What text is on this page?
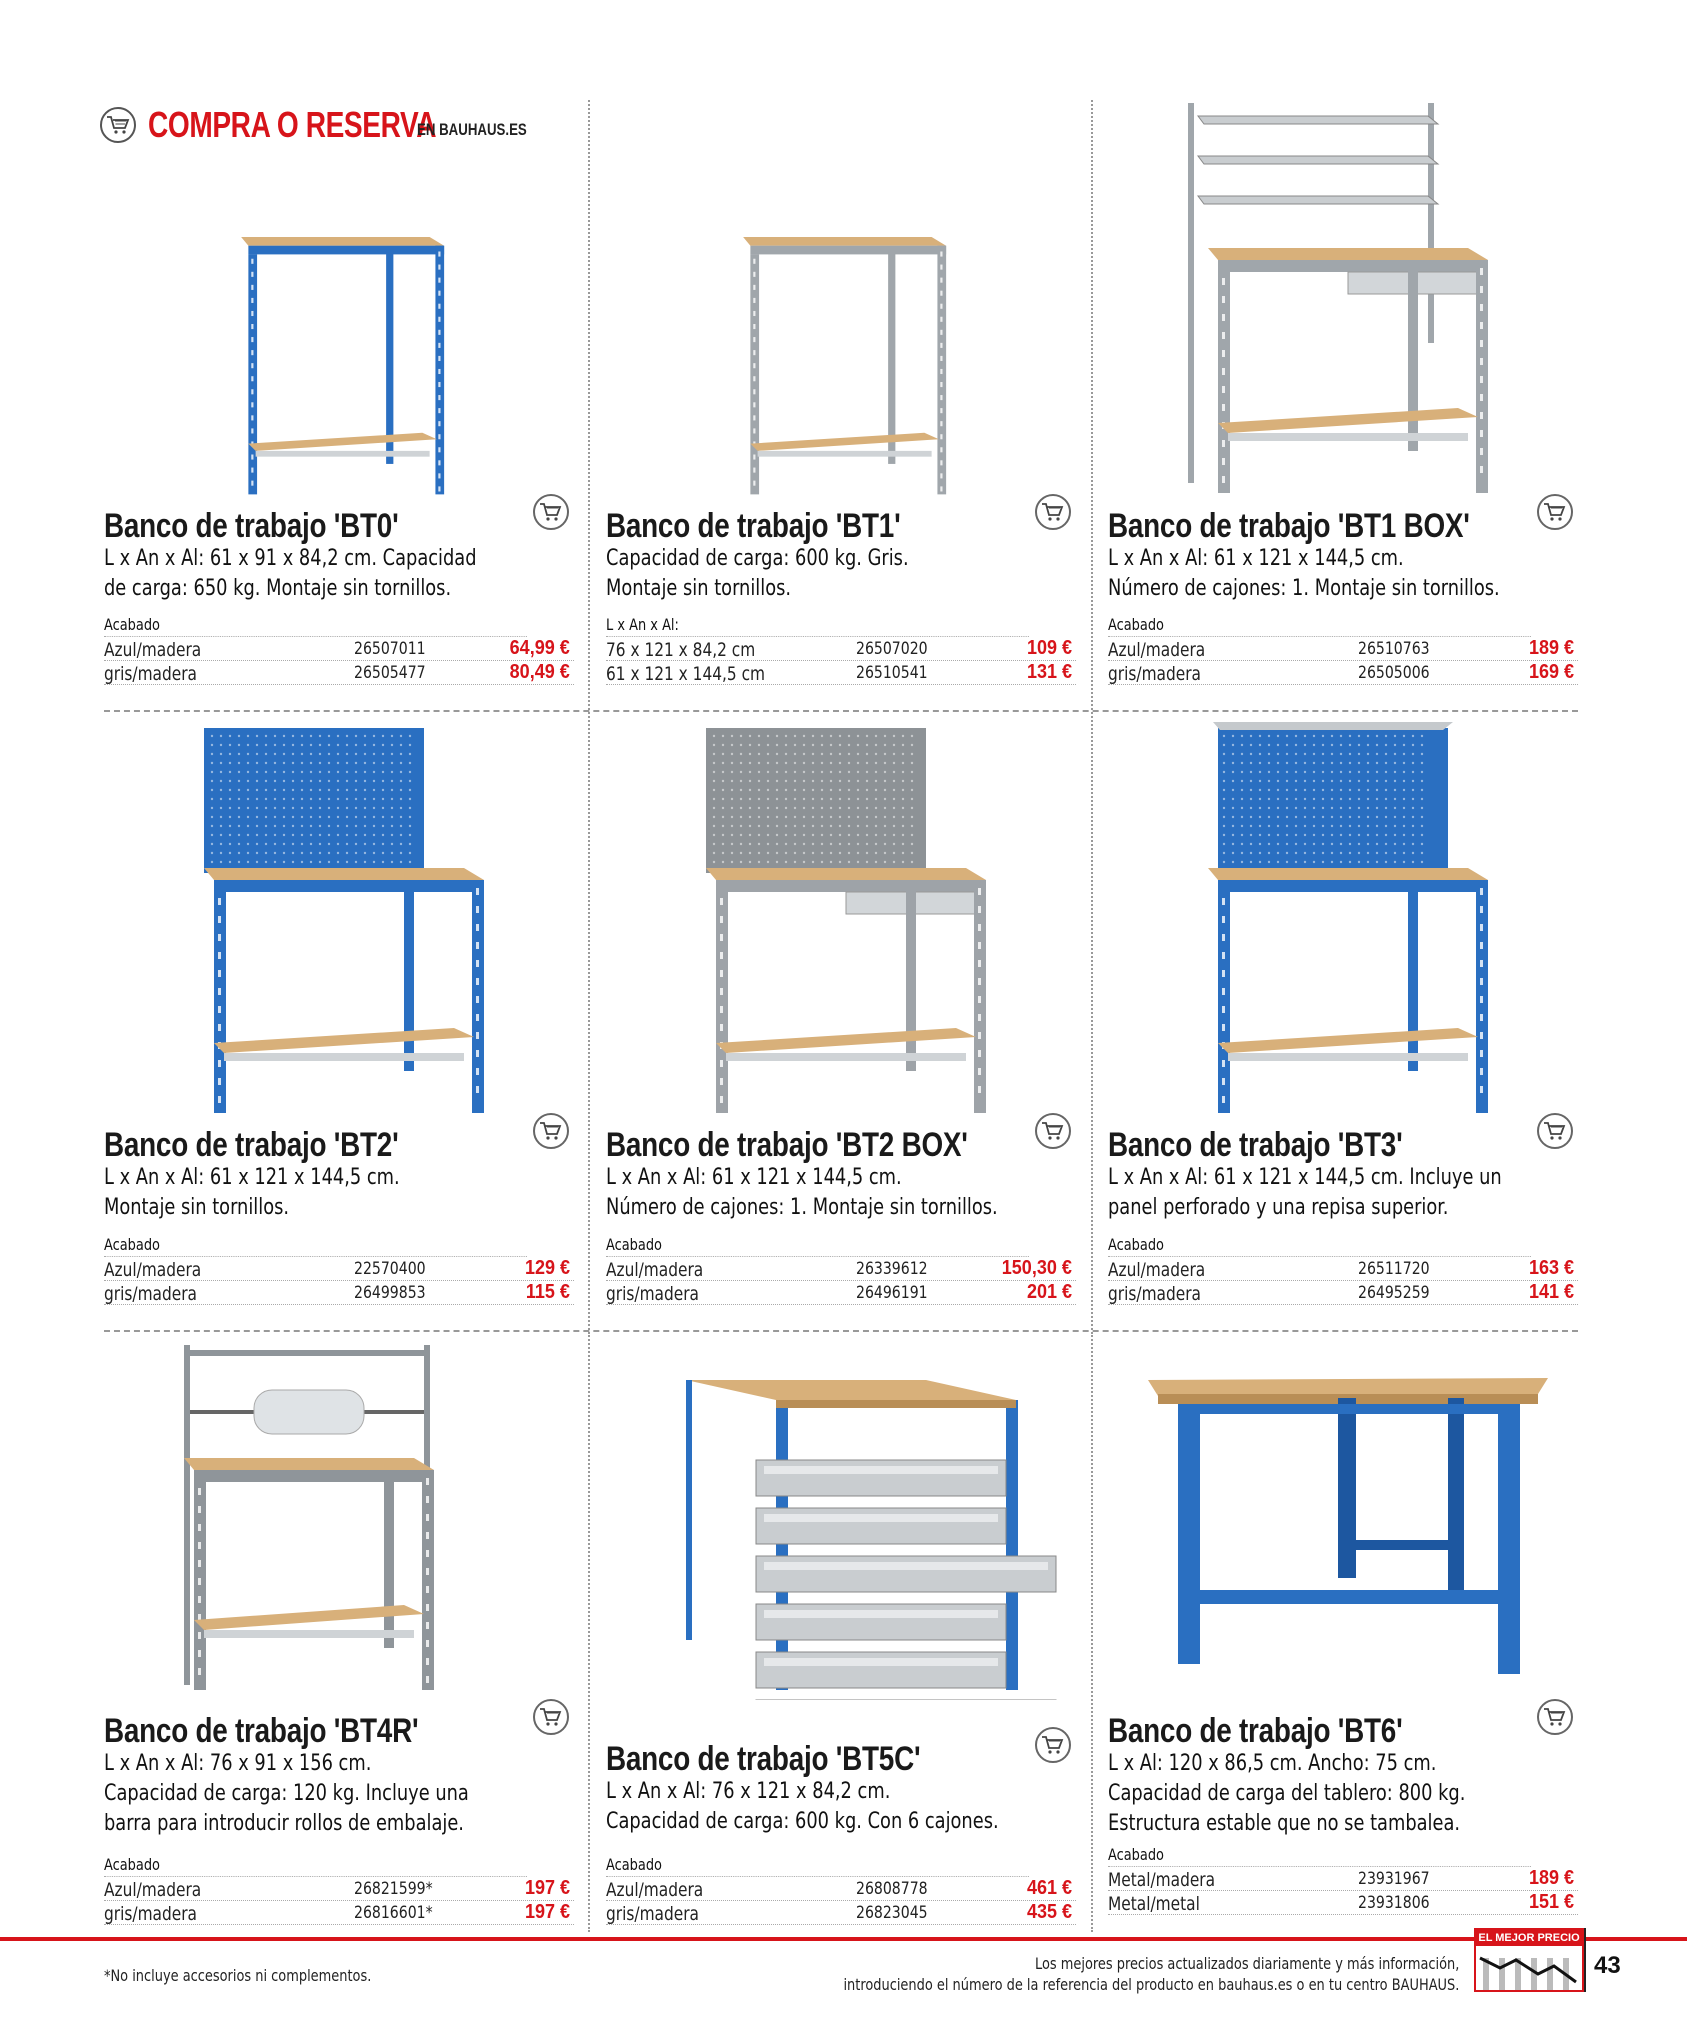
COMPRA O RESERVA
EN BAUHAUS.ES
Banco de trabajo 'BT0'
L x An x Al: 61 x 91 x 84,2 cm. Capacidad
de carga: 650 kg. Montaje sin tornillos.
Acabado
Azul/madera	26507011	64,99 €
gris/madera	26505477	80,49 €
Banco de trabajo 'BT1'
Capacidad de carga: 600 kg. Gris.
Montaje sin tornillos.
L x An x Al:
76 x 121 x 84,2 cm	26507020	109 €
61 x 121 x 144,5 cm	26510541	131 €
Banco de trabajo 'BT1 BOX'
L x An x Al: 61 x 121 x 144,5 cm.
Número de cajones: 1. Montaje sin tornillos.
Acabado
Azul/madera	26510763	189 €
gris/madera	26505006	169 €
Banco de trabajo 'BT2'
L x An x Al: 61 x 121 x 144,5 cm.
Montaje sin tornillos.
Acabado
Azul/madera	22570400	129 €
gris/madera	26499853	115 €
Banco de trabajo 'BT2 BOX'
L x An x Al: 61 x 121 x 144,5 cm.
Número de cajones: 1. Montaje sin tornillos.
Acabado
Azul/madera	26339612	150,30 €
gris/madera	26496191	201 €
Banco de trabajo 'BT3'
L x An x Al: 61 x 121 x 144,5 cm. Incluye un
panel perforado y una repisa superior.
Acabado
Azul/madera	26511720	163 €
gris/madera	26495259	141 €
Banco de trabajo 'BT4R'
L x An x Al: 76 x 91 x 156 cm.
Capacidad de carga: 120 kg. Incluye una
barra para introducir rollos de embalaje.
Acabado
Azul/madera	26821599*	197 €
gris/madera	26816601*	197 €
Banco de trabajo 'BT5C'
L x An x Al: 76 x 121 x 84,2 cm.
Capacidad de carga: 600 kg. Con 6 cajones.
Acabado
Azul/madera	26808778	461 €
gris/madera	26823045	435 €
Banco de trabajo 'BT6'
L x Al: 120 x 86,5 cm. Ancho: 75 cm.
Capacidad de carga del tablero: 800 kg.
Estructura estable que no se tambalea.
Acabado
Metal/madera	23931967	189 €
Metal/metal	23931806	151 €
*No incluye accesorios ni complementos.
Los mejores precios actualizados diariamente y más información,
introduciendo el número de la referencia del producto en bauhaus.es o en tu centro BAUHAUS.
EL MEJOR PRECIO
43
